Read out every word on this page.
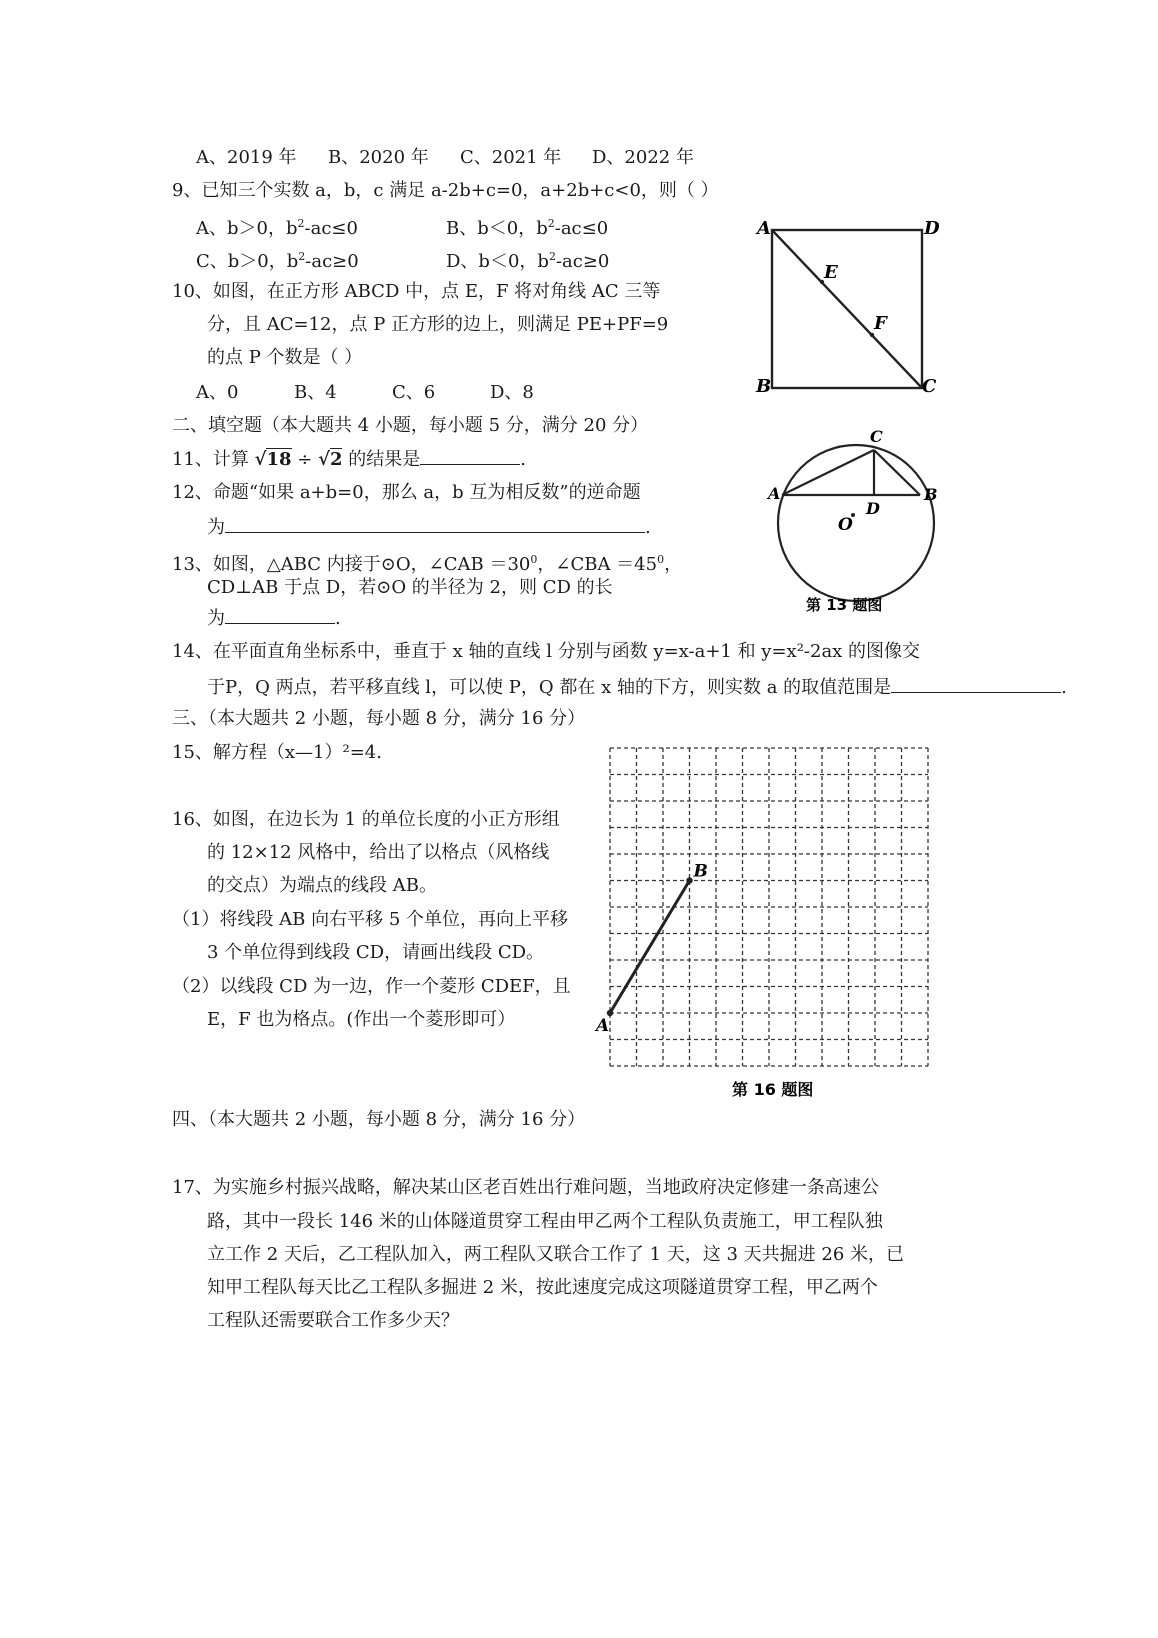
A、2019 年 B、2020 年 C、2021 年 D、2022 年
9、已知三个实数 a，b，c 满足 a-2b+c=0，a+2b+c<0，则（ ）
A、b＞0，$b^2-ac\le 0$	B、b＜0，$b^2-ac\le 0$
C、b＞0，$b^2-ac\ge 0$	D、b＜0，$b^2-ac\ge 0$
10、如图，在正方形 ABCD 中，点 E，F 将对角线 AC 三等
分，且 AC=12，点 P 正方形的边上，则满足 PE+PF=9
的点 P 个数是（ ）
A、0	B、4	C、6	D、8
A	D
B	C
E
F
二、填空题（本大题共 4 小题，每小题 5 分，满分 20 分）
11、计算 √18 ÷ √2 的结果是	.
12、命题“如果 a+b=0，那么 a，b 互为相反数”的逆命题
为	.
13、如图，△ABC 内接于⊙O，∠CAB $=30^0$，∠CBA $=45^0$，
CD⊥AB 于点 D，若⊙O 的半径为 2，则 CD 的长
为	.
C
A	B
D
O
第 13 题图
14、在平面直角坐标系中，垂直于 x 轴的直线 l 分别与函数 y=x-a+1 和 y=x²-2ax 的图像交
于P，Q 两点，若平移直线 l，可以使 P，Q 都在 x 轴的下方，则实数 a 的取值范围是	.
三、（本大题共 2 小题，每小题 8 分，满分 16 分）
15、解方程（x—1）²=4.
16、如图，在边长为 1 的单位长度的小正方形组
的 12×12 风格中，给出了以格点（风格线
的交点）为端点的线段 AB。
（1）将线段 AB 向右平移 5 个单位，再向上平移
3 个单位得到线段 CD，请画出线段 CD。
（2）以线段 CD 为一边，作一个菱形 CDEF，且
E，F 也为格点。(作出一个菱形即可）	A
B
第 16 题图
四、（本大题共 2 小题，每小题 8 分，满分 16 分）
17、为实施乡村振兴战略，解决某山区老百姓出行难问题，当地政府决定修建一条高速公
路，其中一段长 146 米的山体隧道贯穿工程由甲乙两个工程队负责施工，甲工程队独
立工作 2 天后，乙工程队加入，两工程队又联合工作了 1 天，这 3 天共掘进 26 米，已
知甲工程队每天比乙工程队多掘进 2 米，按此速度完成这项隧道贯穿工程，甲乙两个
工程队还需要联合工作多少天？
